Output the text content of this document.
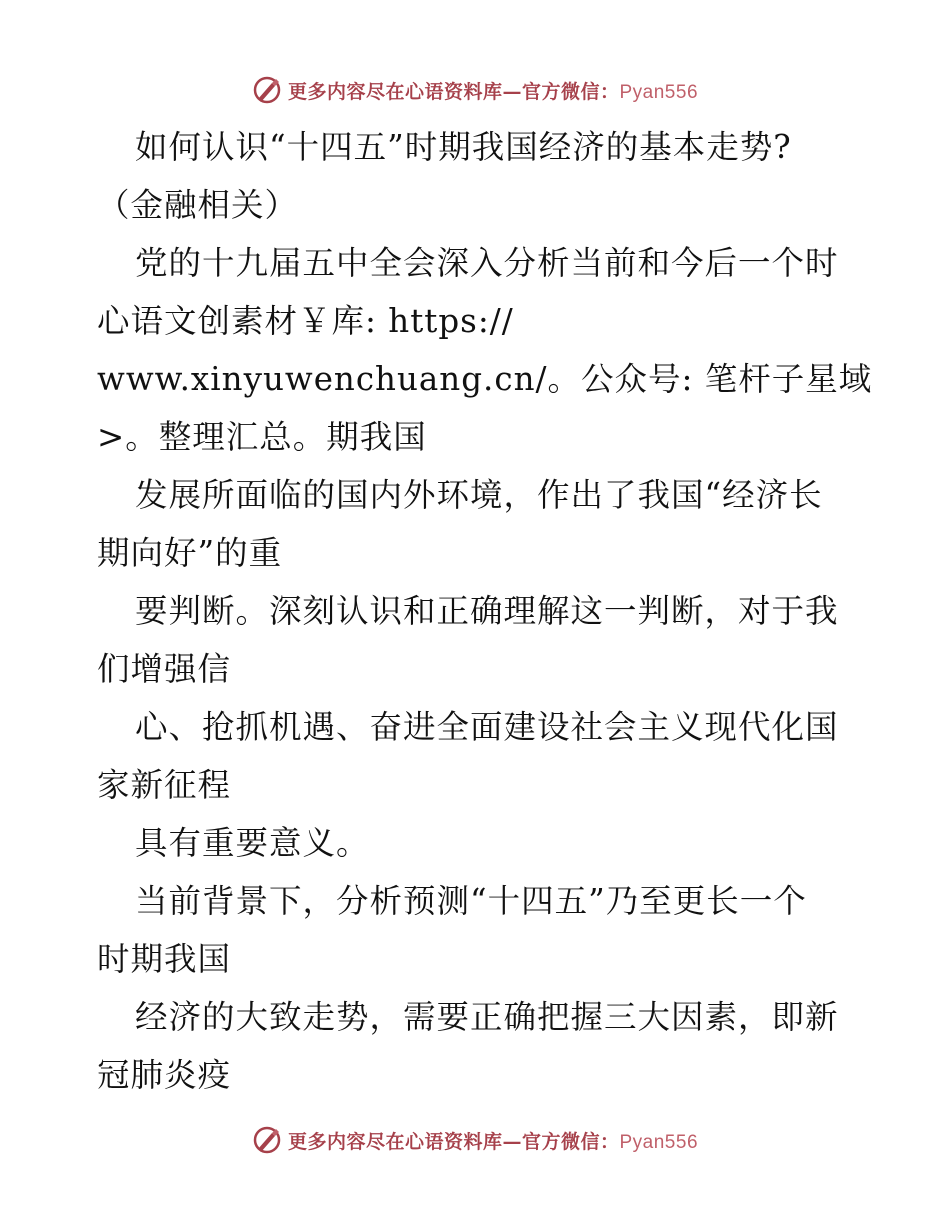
更多内容尽在心语资料库—官方微信：Pyan556
如何认识“十四五”时期我国经济的基本走势?
（金融相关）
党的十九届五中全会深入分析当前和今后一个时
心语文创素材￥库: https://
www.xinyuwenchuang.cn/。公众号: 笔杆子星域
>。整理汇总。期我国
发展所面临的国内外环境，作出了我国“经济长
期向好”的重
要判断。深刻认识和正确理解这一判断，对于我
们增强信
心、抢抓机遇、奋进全面建设社会主义现代化国
家新征程
具有重要意义。
当前背景下，分析预测“十四五”乃至更长一个
时期我国
经济的大致走势，需要正确把握三大因素，即新
冠肺炎疫
更多内容尽在心语资料库—官方微信：Pyan556
